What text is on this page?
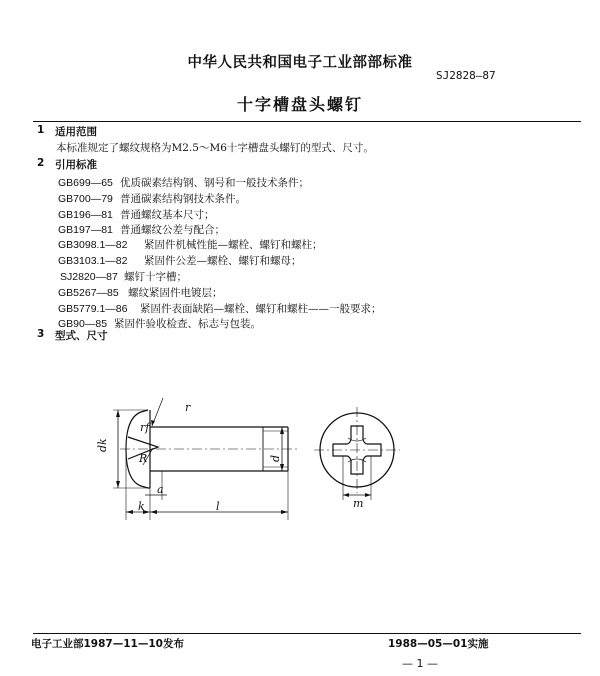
中华人民共和国电子工业部部标准
SJ2828—87
十字槽盘头螺钉
1 适用范围
本标准规定了螺纹规格为M2.5～M6十字槽盘头螺钉的型式、尺寸。
2 引用标准
GB699—65 优质碳素结构钢、钢号和一般技术条件；
GB700—79 普通碳素结构钢技术条件。
GB196—81 普通螺纹基本尺寸；
GB197—81 普通螺纹公差与配合；
GB3098.1—82 紧固件机械性能—螺栓、螺钉和螺柱；
GB3103.1—82 紧固件公差—螺栓、螺钉和螺母；
SJ2820—87 螺钉十字槽；
GB5267—85 螺纹紧固件电镀层；
GB5779.1—86 紧固件表面缺陷—螺栓、螺钉和螺柱——一般要求；
GB90—85 紧固件验收检查、标志与包装。
3 型式、尺寸
dk
d
r
rf
R
a
k	l	m
电子工业部1987—11—10发布	1988—05—01实施
— 1 —
